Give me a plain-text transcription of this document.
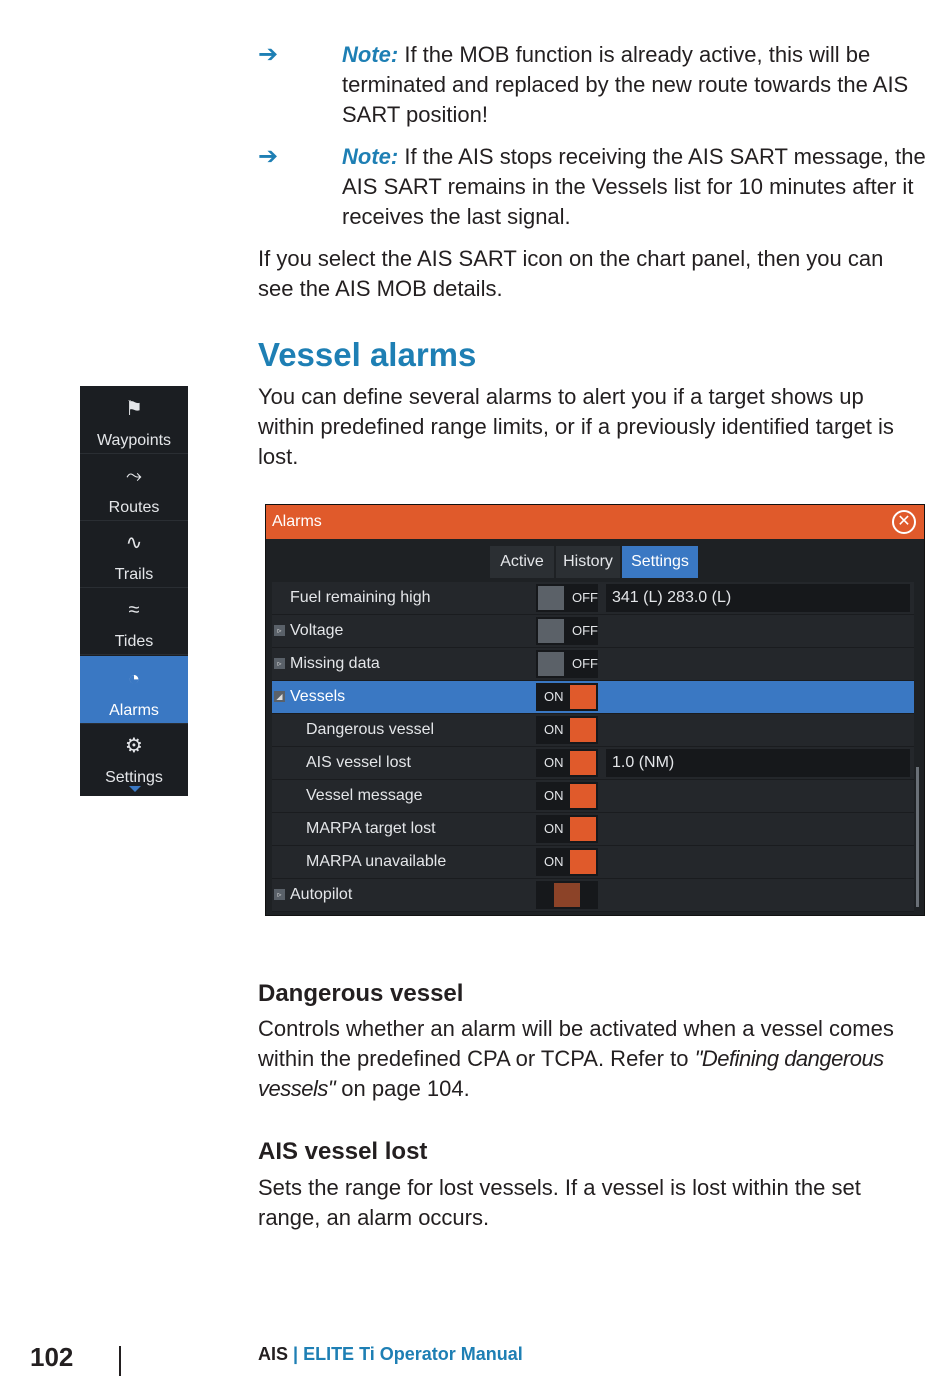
➔	Note: If the MOB function is already active, this will be terminated and replaced by the new route towards the AIS SART position!
➔	Note: If the AIS stops receiving the AIS SART message, the AIS SART remains in the Vessels list for 10 minutes after it receives the last signal.
If you select the AIS SART icon on the chart panel, then you can see the AIS MOB details.
Vessel alarms
You can define several alarms to alert you if a target shows up within predefined range limits, or if a previously identified target is lost.
⚑
Waypoints
⤳
Routes
∿
Trails
≈
Tides
◔
Alarms
⚙
Settings
Alarms	✕
Active	History	Settings
Fuel remaining high	OFF 341 (L) 283.0 (L)
▹ Voltage	OFF
▹ Missing data	OFF
◢ Vessels	ON
Dangerous vessel	ON
AIS vessel lost	ON	1.0 (NM)
Vessel message	ON
MARPA target lost	ON
MARPA unavailable	ON
▹ Autopilot
Dangerous vessel
Controls whether an alarm will be activated when a vessel comes within the predefined CPA or TCPA. Refer to "Defining dangerous vessels" on page 104.
AIS vessel lost
Sets the range for lost vessels. If a vessel is lost within the set range, an alarm occurs.
102	AIS | ELITE Ti Operator Manual
